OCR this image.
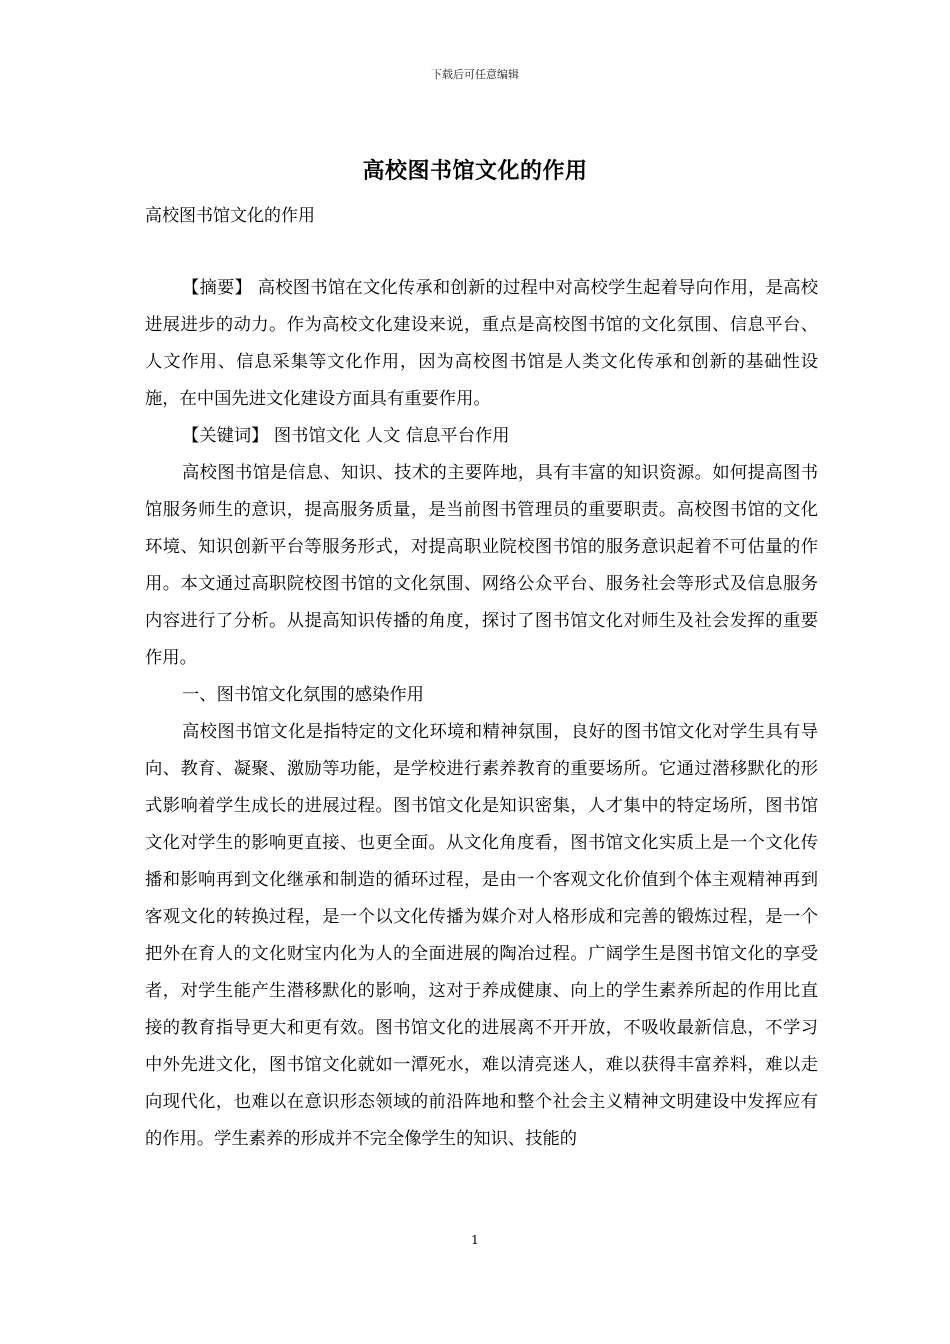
下载后可任意编辑
高校图书馆文化的作用
高校图书馆文化的作用

【摘要】 高校图书馆在文化传承和创新的过程中对高校学生起着导向作用，是高校进展进步的动力。作为高校文化建设来说，重点是高校图书馆的文化氛围、信息平台、人文作用、信息采集等文化作用，因为高校图书馆是人类文化传承和创新的基础性设施，在中国先进文化建设方面具有重要作用。

【关键词】 图书馆文化 人文 信息平台作用

高校图书馆是信息、知识、技术的主要阵地，具有丰富的知识资源。如何提高图书馆服务师生的意识，提高服务质量，是当前图书管理员的重要职责。高校图书馆的文化环境、知识创新平台等服务形式，对提高职业院校图书馆的服务意识起着不可估量的作用。本文通过高职院校图书馆的文化氛围、网络公众平台、服务社会等形式及信息服务内容进行了分析。从提高知识传播的角度，探讨了图书馆文化对师生及社会发挥的重要作用。

一、图书馆文化氛围的感染作用

高校图书馆文化是指特定的文化环境和精神氛围，良好的图书馆文化对学生具有导向、教育、凝聚、激励等功能，是学校进行素养教育的重要场所。它通过潜移默化的形式影响着学生成长的进展过程。图书馆文化是知识密集，人才集中的特定场所，图书馆文化对学生的影响更直接、也更全面。从文化角度看，图书馆文化实质上是一个文化传播和影响再到文化继承和制造的循环过程，是由一个客观文化价值到个体主观精神再到客观文化的转换过程，是一个以文化传播为媒介对人格形成和完善的锻炼过程，是一个把外在育人的文化财宝内化为人的全面进展的陶冶过程。广阔学生是图书馆文化的享受者，对学生能产生潜移默化的影响，这对于养成健康、向上的学生素养所起的作用比直接的教育指导更大和更有效。图书馆文化的进展离不开开放，不吸收最新信息，不学习中外先进文化，图书馆文化就如一潭死水，难以清亮迷人，难以获得丰富养料，难以走向现代化，也难以在意识形态领域的前沿阵地和整个社会主义精神文明建设中发挥应有的作用。学生素养的形成并不完全像学生的知识、技能的

1
